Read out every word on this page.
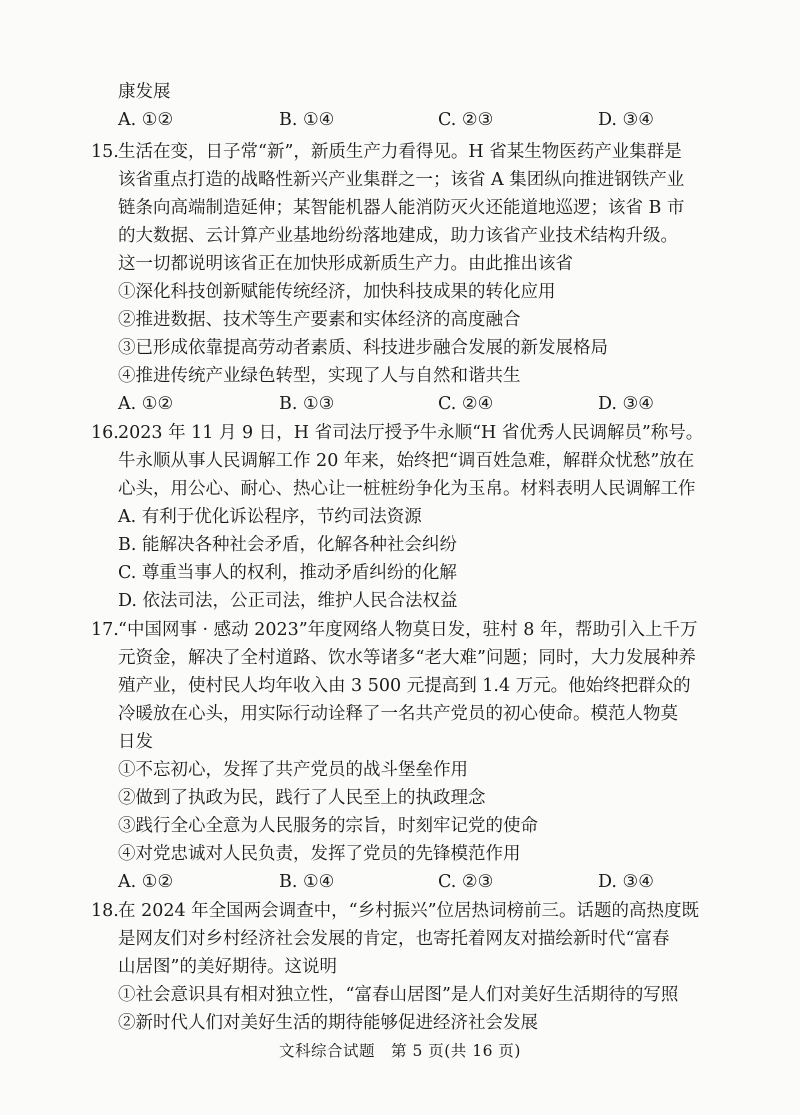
康发展
A. ①②	B. ①④	C. ②③	D. ③④
15. 生活在变，日子常“新”，新质生产力看得见。H 省某生物医药产业集群是
该省重点打造的战略性新兴产业集群之一；该省 A 集团纵向推进钢铁产业
链条向高端制造延伸；某智能机器人能消防灭火还能道地巡逻；该省 B 市
的大数据、云计算产业基地纷纷落地建成，助力该省产业技术结构升级。
这一切都说明该省正在加快形成新质生产力。由此推出该省
①深化科技创新赋能传统经济，加快科技成果的转化应用
②推进数据、技术等生产要素和实体经济的高度融合
③已形成依靠提高劳动者素质、科技进步融合发展的新发展格局
④推进传统产业绿色转型，实现了人与自然和谐共生
A. ①②	B. ①③	C. ②④	D. ③④
16. 2023 年 11 月 9 日，H 省司法厅授予牛永顺“H 省优秀人民调解员”称号。
牛永顺从事人民调解工作 20 年来，始终把“调百姓急难，解群众忧愁”放在
心头，用公心、耐心、热心让一桩桩纷争化为玉帛。材料表明人民调解工作
A. 有利于优化诉讼程序，节约司法资源
B. 能解决各种社会矛盾，化解各种社会纠纷
C. 尊重当事人的权利，推动矛盾纠纷的化解
D. 依法司法，公正司法，维护人民合法权益
17. “中国网事 · 感动 2023”年度网络人物莫日发，驻村 8 年，帮助引入上千万
元资金，解决了全村道路、饮水等诸多“老大难”问题；同时，大力发展种养
殖产业，使村民人均年收入由 3 500 元提高到 1.4 万元。他始终把群众的
冷暖放在心头，用实际行动诠释了一名共产党员的初心使命。模范人物莫
日发
①不忘初心，发挥了共产党员的战斗堡垒作用
②做到了执政为民，践行了人民至上的执政理念
③践行全心全意为人民服务的宗旨，时刻牢记党的使命
④对党忠诚对人民负责，发挥了党员的先锋模范作用
A. ①②	B. ①④	C. ②③	D. ③④
18. 在 2024 年全国两会调查中，“乡村振兴”位居热词榜前三。话题的高热度既
是网友们对乡村经济社会发展的肯定，也寄托着网友对描绘新时代“富春
山居图”的美好期待。这说明
①社会意识具有相对独立性，“富春山居图”是人们对美好生活期待的写照
②新时代人们对美好生活的期待能够促进经济社会发展
文科综合试题　第 5 页(共 16 页)
